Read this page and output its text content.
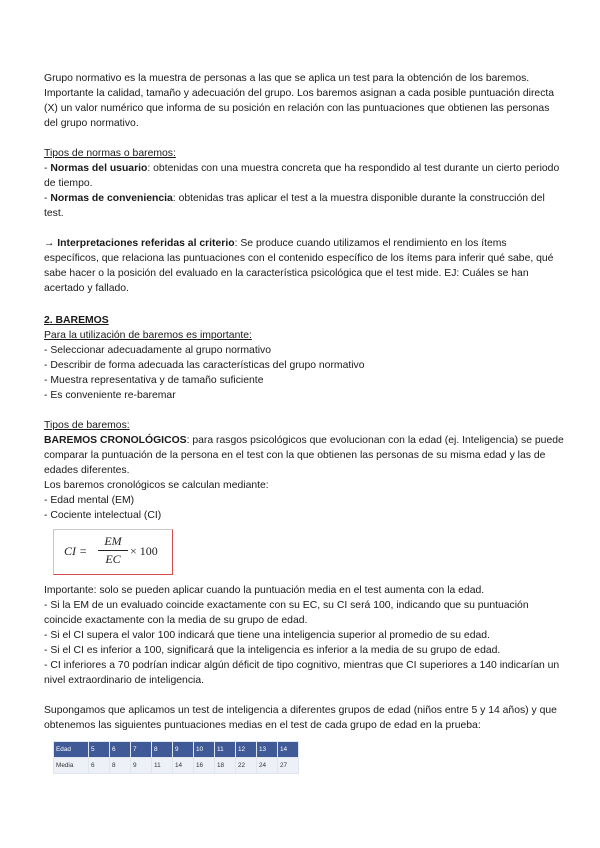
Grupo normativo es la muestra de personas a las que se aplica un test para la obtención de los baremos. Importante la calidad, tamaño y adecuación del grupo. Los baremos asignan a cada posible puntuación directa (X) un valor numérico que informa de su posición en relación con las puntuaciones que obtienen las personas del grupo normativo.

Tipos de normas o baremos:

- Normas del usuario: obtenidas con una muestra concreta que ha respondido al test durante un cierto periodo de tiempo.

- Normas de conveniencia: obtenidas tras aplicar el test a la muestra disponible durante la construcción del test.

→ Interpretaciones referidas al criterio: Se produce cuando utilizamos el rendimiento en los ítems específicos, que relaciona las puntuaciones con el contenido específico de los ítems para inferir qué sabe, qué sabe hacer o la posición del evaluado en la característica psicológica que el test mide. EJ: Cuáles se han acertado y fallado.

2. BAREMOS

Para la utilización de baremos es importante:

- Seleccionar adecuadamente al grupo normativo

- Describir de forma adecuada las características del grupo normativo

- Muestra representativa y de tamaño suficiente

- Es conveniente re-baremar

Tipos de baremos:

BAREMOS CRONOLÓGICOS: para rasgos psicológicos que evolucionan con la edad (ej. Inteligencia) se puede comparar la puntuación de la persona en el test con la que obtienen las personas de su misma edad y las de edades diferentes.

Los baremos cronológicos se calculan mediante:

- Edad mental (EM)

- Cociente intelectual (CI)

CI =
EM
EC
× 100

Importante: solo se pueden aplicar cuando la puntuación media en el test aumenta con la edad.

- Si la EM de un evaluado coincide exactamente con su EC, su CI será 100, indicando que su puntuación coincide exactamente con la media de su grupo de edad.

- Si el CI supera el valor 100 indicará que tiene una inteligencia superior al promedio de su edad.

- Si el CI es inferior a 100, significará que la inteligencia es inferior a la media de su grupo de edad.

- CI inferiores a 70 podrían indicar algún déficit de tipo cognitivo, mientras que CI superiores a 140 indicarían un nivel extraordinario de inteligencia.

Supongamos que aplicamos un test de inteligencia a diferentes grupos de edad (niños entre 5 y 14 años) y que obtenemos las siguientes puntuaciones medias en el test de cada grupo de edad en la prueba:

Edad	5	6	7	8	9	10	11	12	13	14
Media	6	8	9	11	14	16	18	22	24	27
